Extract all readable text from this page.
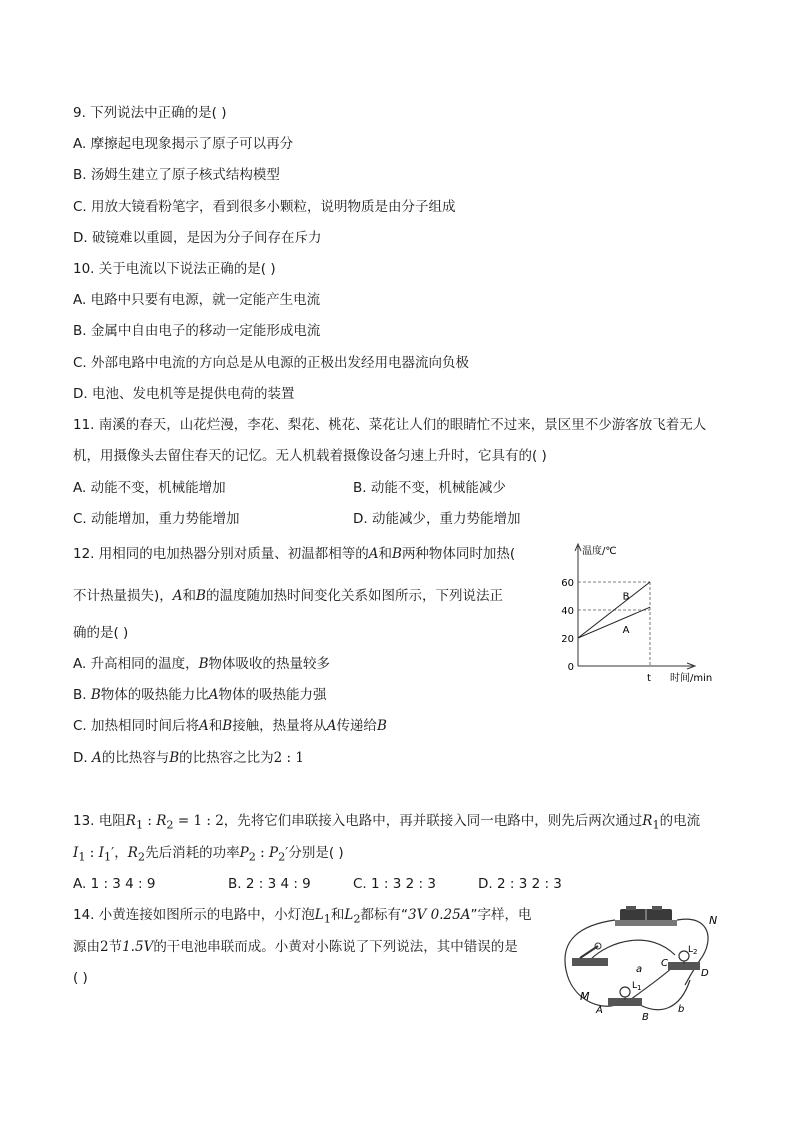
9. 下列说法中正确的是( )
A. 摩擦起电现象揭示了原子可以再分
B. 汤姆生建立了原子核式结构模型
C. 用放大镜看粉笔字，看到很多小颗粒，说明物质是由分子组成
D. 破镜难以重圆，是因为分子间存在斥力
10. 关于电流以下说法正确的是( )
A. 电路中只要有电源，就一定能产生电流
B. 金属中自由电子的移动一定能形成电流
C. 外部电路中电流的方向总是从电源的正极出发经用电器流向负极
D. 电池、发电机等是提供电荷的装置
11. 南溪的春天，山花烂漫，李花、梨花、桃花、菜花让人们的眼睛忙不过来，景区里不少游客放飞着无人
机，用摄像头去留住春天的记忆。无人机载着摄像设备匀速上升时，它具有的( )
A. 动能不变，机械能增加	B. 动能不变，机械能减少
C. 动能增加，重力势能增加	D. 动能减少，重力势能增加
12. 用相同的电加热器分别对质量、初温都相等的A和B两种物体同时加热(
不计热量损失)，A和B的温度随加热时间变化关系如图所示，下列说法正
确的是( )
A. 升高相同的温度，B物体吸收的热量较多
B. B物体的吸热能力比A物体的吸热能力强
C. 加热相同时间后将A和B接触，热量将从A传递给B
D. A的比热容与B的比热容之比为2 : 1
温度/℃
时间/min
0
20
40
60
t
A
B
13. 电阻$R_1$ : $R_2 = 1$ : 2，先将它们串联接入电路中，再并联接入同一电路中，则先后两次通过$R_1$的电流
$I_1$ : $I_1'$，$R_2$先后消耗的功率$P_2$ : $P_2'$分别是( )
A. 1 : 3 4 : 9	B. 2 : 3 4 : 9	C. 1 : 3 2 : 3	D. 2 : 3 2 : 3
14. 小黄连接如图所示的电路中，小灯泡$L_1$和$L_2$都标有“3V 0.25A”字样，电
源由2节1.5V的干电池串联而成。小黄对小陈说了下列说法，其中错误的是
( )
N
M
A
B
C
D
a
b
$L_2$
$L_1$
